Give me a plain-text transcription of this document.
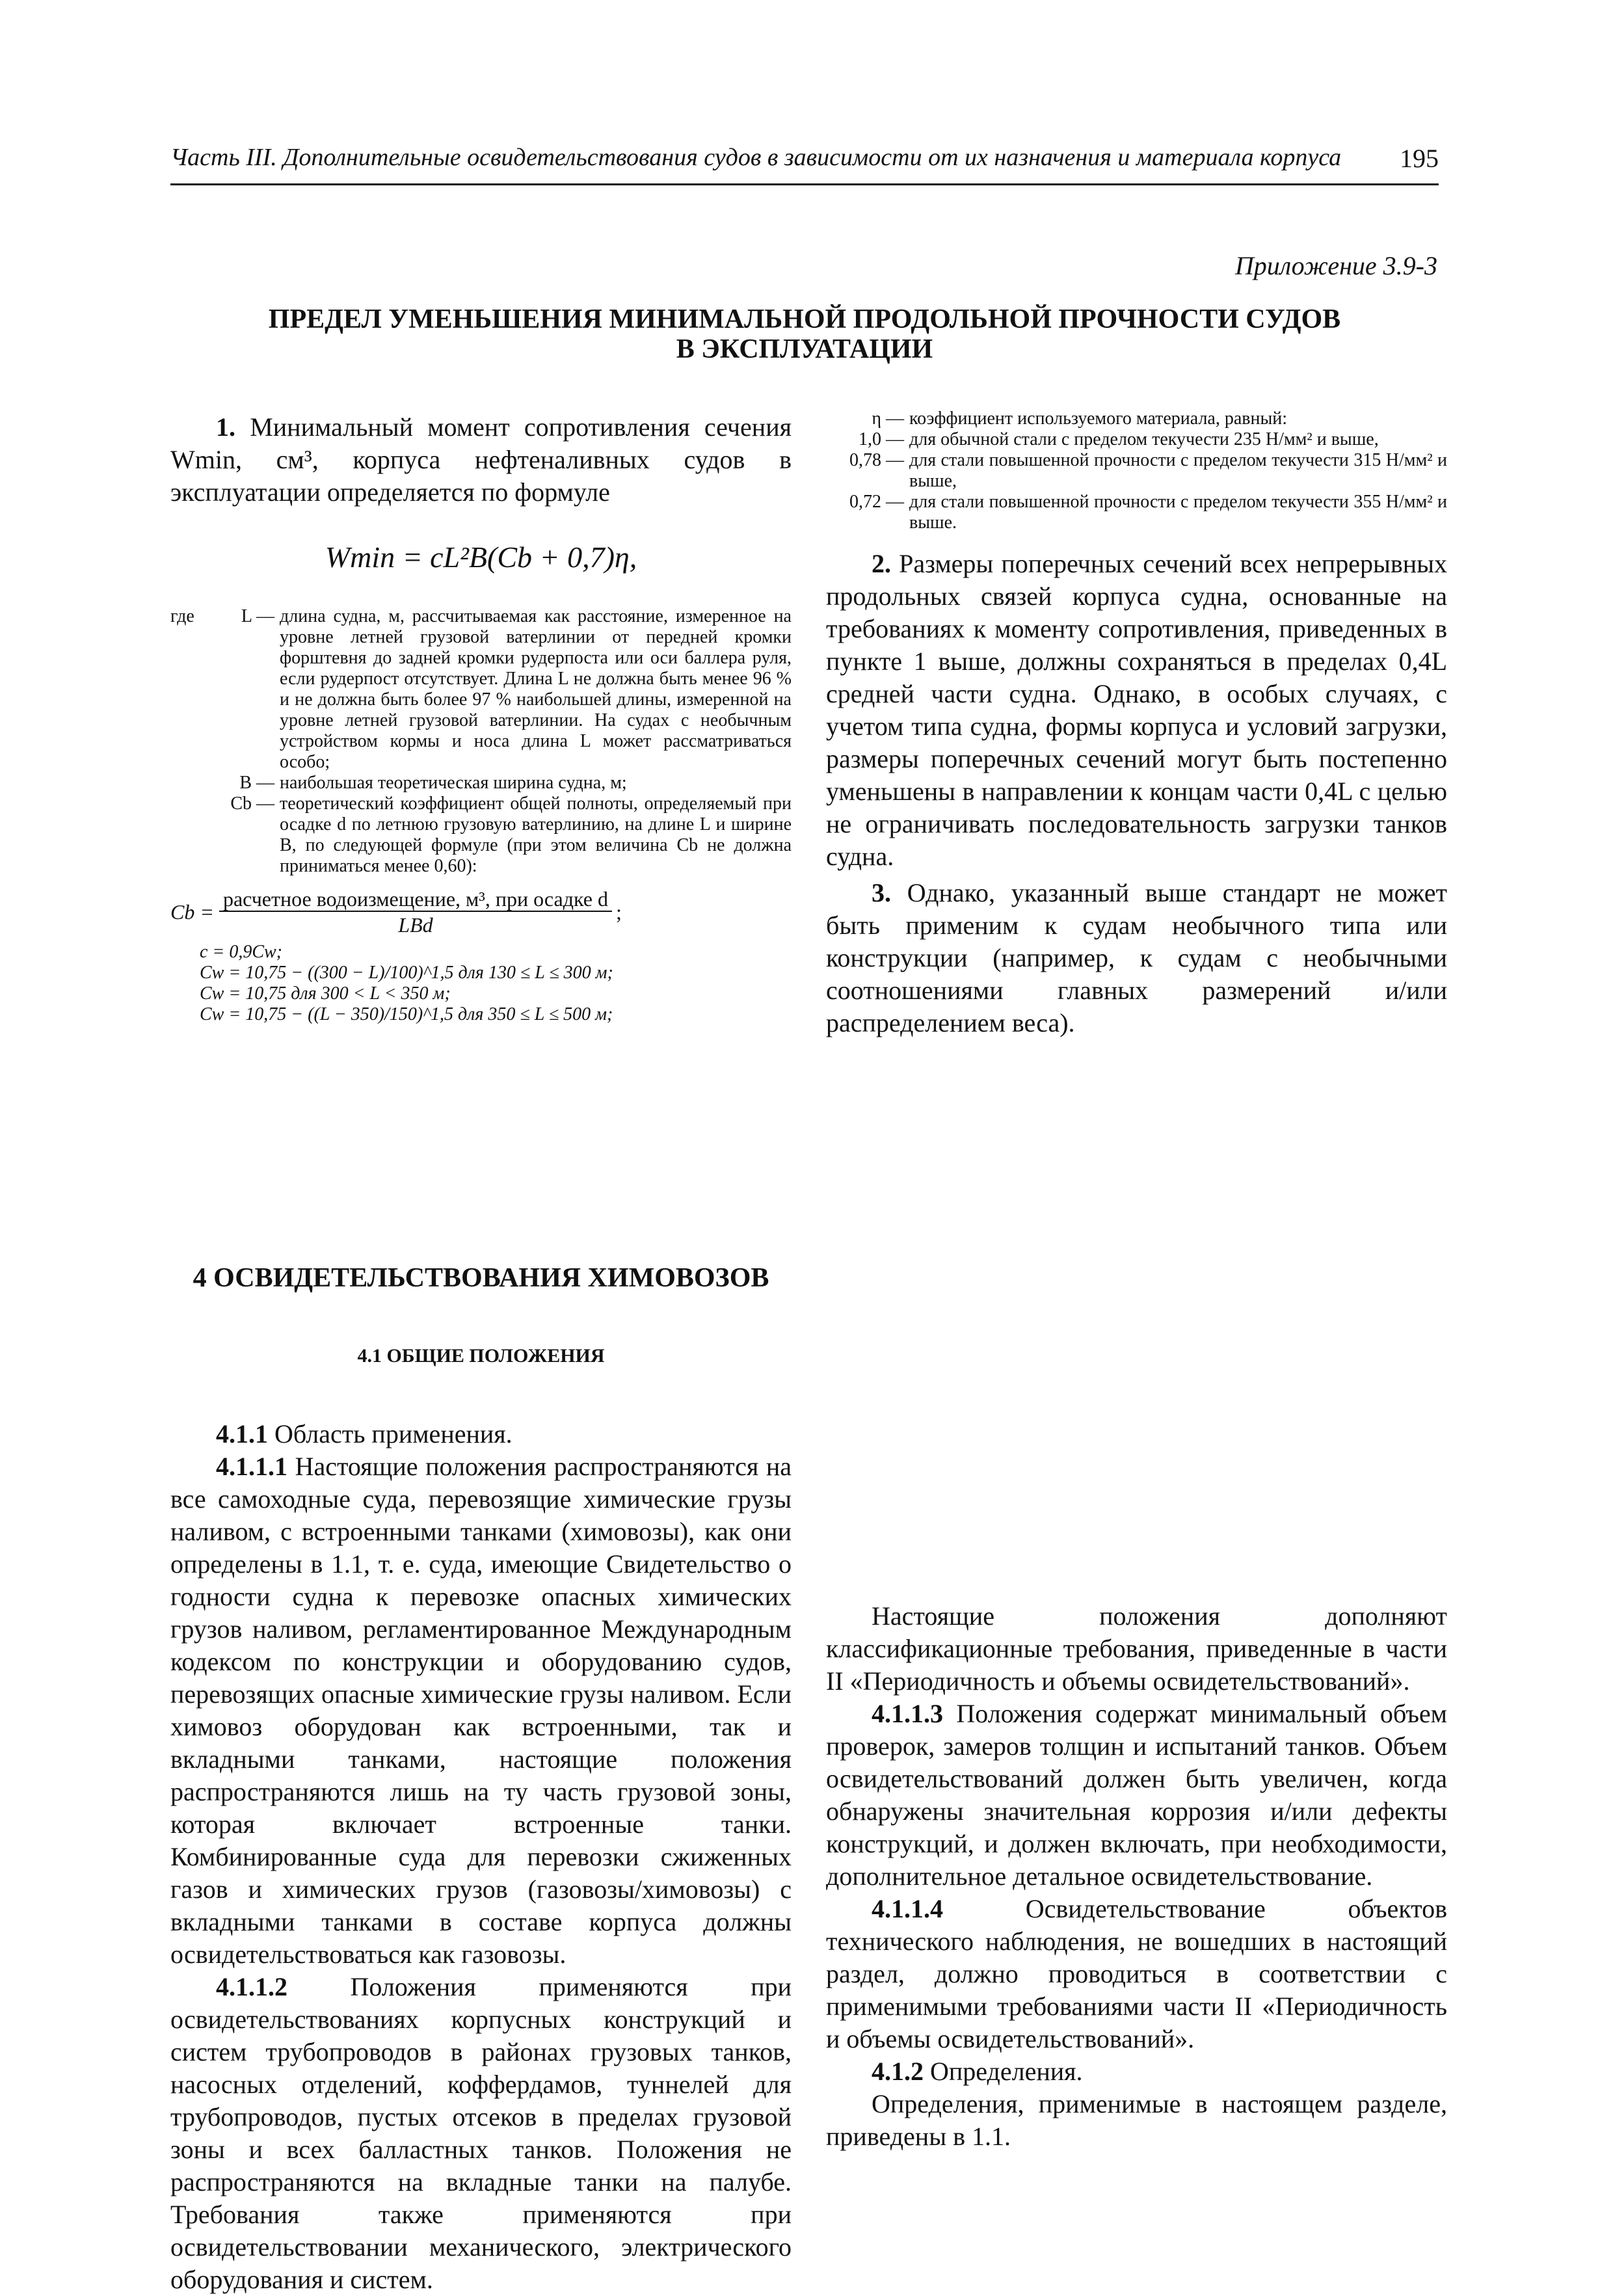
Часть III. Дополнительные освидетельствования судов в зависимости от их назначения и материала корпуса 195
Приложение 3.9-3
ПРЕДЕЛ УМЕНЬШЕНИЯ МИНИМАЛЬНОЙ ПРОДОЛЬНОЙ ПРОЧНОСТИ СУДОВ
В ЭКСПЛУАТАЦИИ

1. Минимальный момент сопротивления сечения Wmin, см³, корпуса нефтеналивных судов в эксплуатации определяется по формуле

Wmin = cL²B(Cb + 0,7)η,
где	L — длина судна, м, рассчитываемая как расстояние, измеренное на уровне летней грузовой ватерлинии от передней кромки форштевня до задней кромки рудерпоста или оси баллера руля, если рудерпост отсутствует. Длина L не должна быть менее 96 % и не должна быть более 97 % наибольшей длины, измеренной на уровне летней грузовой ватерлинии. На судах с необычным устройством кормы и носа длина L может рассматриваться особо;
B — наибольшая теоретическая ширина судна, м;
Cb — теоретический коэффициент общей полноты, определяемый при осадке d по летнюю грузовую ватерлинию, на длине L и ширине B, по следующей формуле (при этом величина Cb не должна приниматься менее 0,60):
$Cb = \frac{\text{расчетное водоизмещение, м³, при осадке d}}{\text{LBd}}$ ;
c = 0,9Cw;
Cw = 10,75 − ((300 − L)/100)^1,5 для 130 ≤ L ≤ 300 м;
Cw = 10,75 для 300 < L < 350 м;
Cw = 10,75 − ((L − 350)/150)^1,5 для 350 ≤ L ≤ 500 м;
η — коэффициент используемого материала, равный:
1,0 — для обычной стали с пределом текучести 235 Н/мм² и выше,
0,78 — для стали повышенной прочности с пределом текучести 315 Н/мм² и выше,
0,72 — для стали повышенной прочности с пределом текучести 355 Н/мм² и выше.

2. Размеры поперечных сечений всех непрерывных продольных связей корпуса судна, основанные на требованиях к моменту сопротивления, приведенных в пункте 1 выше, должны сохраняться в пределах 0,4L средней части судна. Однако, в особых случаях, с учетом типа судна, формы корпуса и условий загрузки, размеры поперечных сечений могут быть постепенно уменьшены в направлении к концам части 0,4L с целью не ограничивать последовательность загрузки танков судна.

3. Однако, указанный выше стандарт не может быть применим к судам необычного типа или конструкции (например, к судам с необычными соотношениями главных размерений и/или распределением веса).

4 ОСВИДЕТЕЛЬСТВОВАНИЯ ХИМОВОЗОВ
4.1 ОБЩИЕ ПОЛОЖЕНИЯ

4.1.1 Область применения.

4.1.1.1 Настоящие положения распространяются на все самоходные суда, перевозящие химические грузы наливом, с встроенными танками (химовозы), как они определены в 1.1, т. е. суда, имеющие Свидетельство о годности судна к перевозке опасных химических грузов наливом, регламентированное Международным кодексом по конструкции и оборудованию судов, перевозящих опасные химические грузы наливом. Если химовоз оборудован как встроенными, так и вкладными танками, настоящие положения распространяются лишь на ту часть грузовой зоны, которая включает встроенные танки. Комбинированные суда для перевозки сжиженных газов и химических грузов (газовозы/химовозы) с вкладными танками в составе корпуса должны освидетельствоваться как газовозы.

4.1.1.2 Положения применяются при освидетельствованиях корпусных конструкций и систем трубопроводов в районах грузовых танков, насосных отделений, коффердамов, туннелей для трубопроводов, пустых отсеков в пределах грузовой зоны и всех балластных танков. Положения не распространяются на вкладные танки на палубе. Требования также применяются при освидетельствовании механического, электрического оборудования и систем.

Настоящие положения дополняют классификационные требования, приведенные в части II «Периодичность и объемы освидетельствований».

4.1.1.3 Положения содержат минимальный объем проверок, замеров толщин и испытаний танков. Объем освидетельствований должен быть увеличен, когда обнаружены значительная коррозия и/или дефекты конструкций, и должен включать, при необходимости, дополнительное детальное освидетельствование.

4.1.1.4	Освидетельствование объектов технического наблюдения, не вошедших в настоящий раздел, должно проводиться в соответствии с применимыми требованиями части II «Периодичность и объемы освидетельствований».

4.1.2 Определения.

Определения, применимые в настоящем разделе, приведены в 1.1.
